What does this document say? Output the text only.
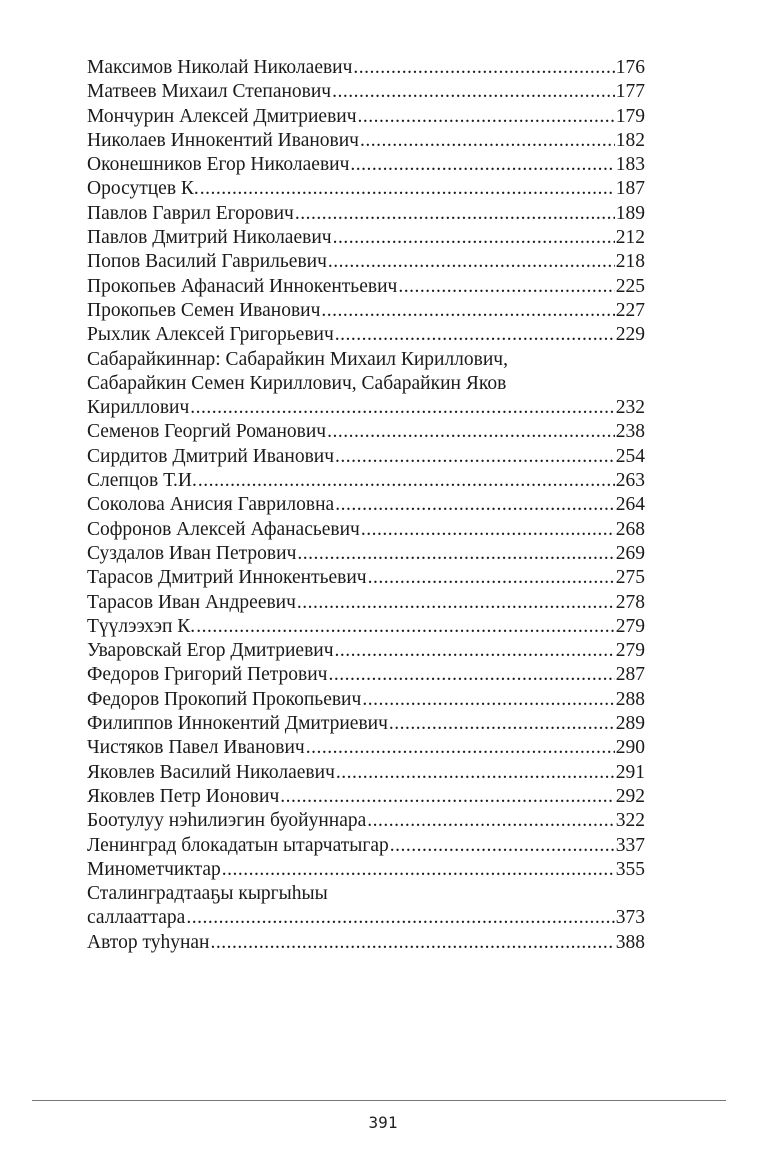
Максимов Николай Николаевич .....	176
Матвеев Михаил Степанович .....	177
Мончурин Алексей Дмитриевич .....	179
Николаев Иннокентий Иванович .....	182
Оконешников Егор Николаевич .....	183
Оросутцев К. .....	187
Павлов Гаврил Егорович .....	189
Павлов Дмитрий Николаевич .....	212
Попов Василий Гаврильевич .....	218
Прокопьев Афанасий Иннокентьевич .....	225
Прокопьев Семен Иванович .....	227
Рыхлик Алексей Григорьевич .....	229
Сабарайкиннар: Сабарайкин Михаил Кириллович,
Сабарайкин Семен Кириллович, Сабарайкин Яков
Кириллович .....	232
Семенов Георгий Романович .....	238
Сирдитов Дмитрий Иванович .....	254
Слепцов Т.И. .....	263
Соколова Анисия Гавриловна .....	264
Софронов Алексей Афанасьевич .....	268
Суздалов Иван Петрович .....	269
Тарасов Дмитрий Иннокентьевич .....	275
Тарасов Иван Андреевич .....	278
Түүлээхэп К. .....	279
Уваровскай Егор Дмитриевич .....	279
Федоров Григорий Петрович .....	287
Федоров Прокопий Прокопьевич .....	288
Филиппов Иннокентий Дмитриевич .....	289
Чистяков Павел Иванович .....	290
Яковлев Василий Николаевич .....	291
Яковлев Петр Ионович .....	292
Боотулуу нэһилиэгин буойуннара .....	322
Ленинград блокадатын ытарчатыгар .....	337
Минометчиктар .....	355
Сталинградтааҕы кыргыһыы
саллааттара .....	373
Автор туһунан .....	388
391
